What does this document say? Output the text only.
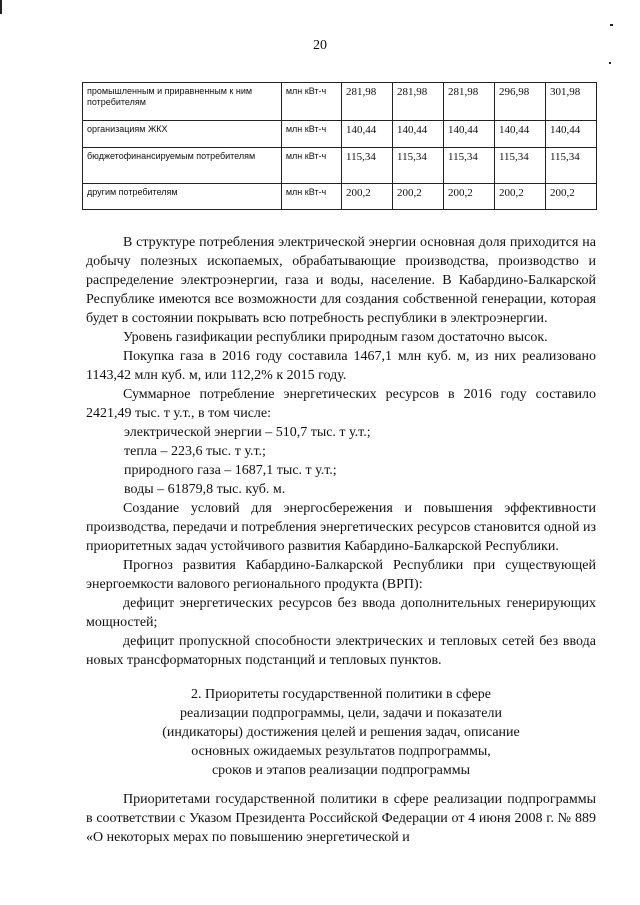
20
промышленным и приравненным к ним потребителям	млн кВт-ч	281,98	281,98	281,98	296,98	301,98
организациям ЖКХ	млн кВт-ч	140,44	140,44	140,44	140,44	140,44
бюджетофинансируемым потребителям	млн кВт-ч	115,34	115,34	115,34	115,34	115,34
другим потребителям	млн кВт-ч	200,2	200,2	200,2	200,2	200,2

В структуре потребления электрической энергии основная доля приходится на добычу полезных ископаемых, обрабатывающие производства, производство и распределение электроэнергии, газа и воды, население. В Кабардино-Балкарской Республике имеются все возможности для создания собственной генерации, которая будет в состоянии покрывать всю потребность республики в электроэнергии.

Уровень газификации республики природным газом достаточно высок.

Покупка газа в 2016 году составила 1467,1 млн куб. м, из них реализовано 1143,42 млн куб. м, или 112,2% к 2015 году.

Суммарное потребление энергетических ресурсов в 2016 году составило 2421,49 тыс. т у.т., в том числе:

электрической энергии – 510,7 тыс. т у.т.;

тепла – 223,6 тыс. т у.т.;

природного газа – 1687,1 тыс. т у.т.;

воды – 61879,8 тыс. куб. м.

Создание условий для энергосбережения и повышения эффективности производства, передачи и потребления энергетических ресурсов становится одной из приоритетных задач устойчивого развития Кабардино-Балкарской Республики.

Прогноз развития Кабардино-Балкарской Республики при существующей энергоемкости валового регионального продукта (ВРП):

дефицит энергетических ресурсов без ввода дополнительных генерирующих мощностей;

дефицит пропускной способности электрических и тепловых сетей без ввода новых трансформаторных подстанций и тепловых пунктов.

2. Приоритеты государственной политики в сфере
реализации подпрограммы, цели, задачи и показатели
(индикаторы) достижения целей и решения задач, описание
основных ожидаемых результатов подпрограммы,
сроков и этапов реализации подпрограммы

Приоритетами государственной политики в сфере реализации подпрограммы в соответствии с Указом Президента Российской Федерации от 4 июня 2008 г. № 889 «О некоторых мерах по повышению энергетической и
